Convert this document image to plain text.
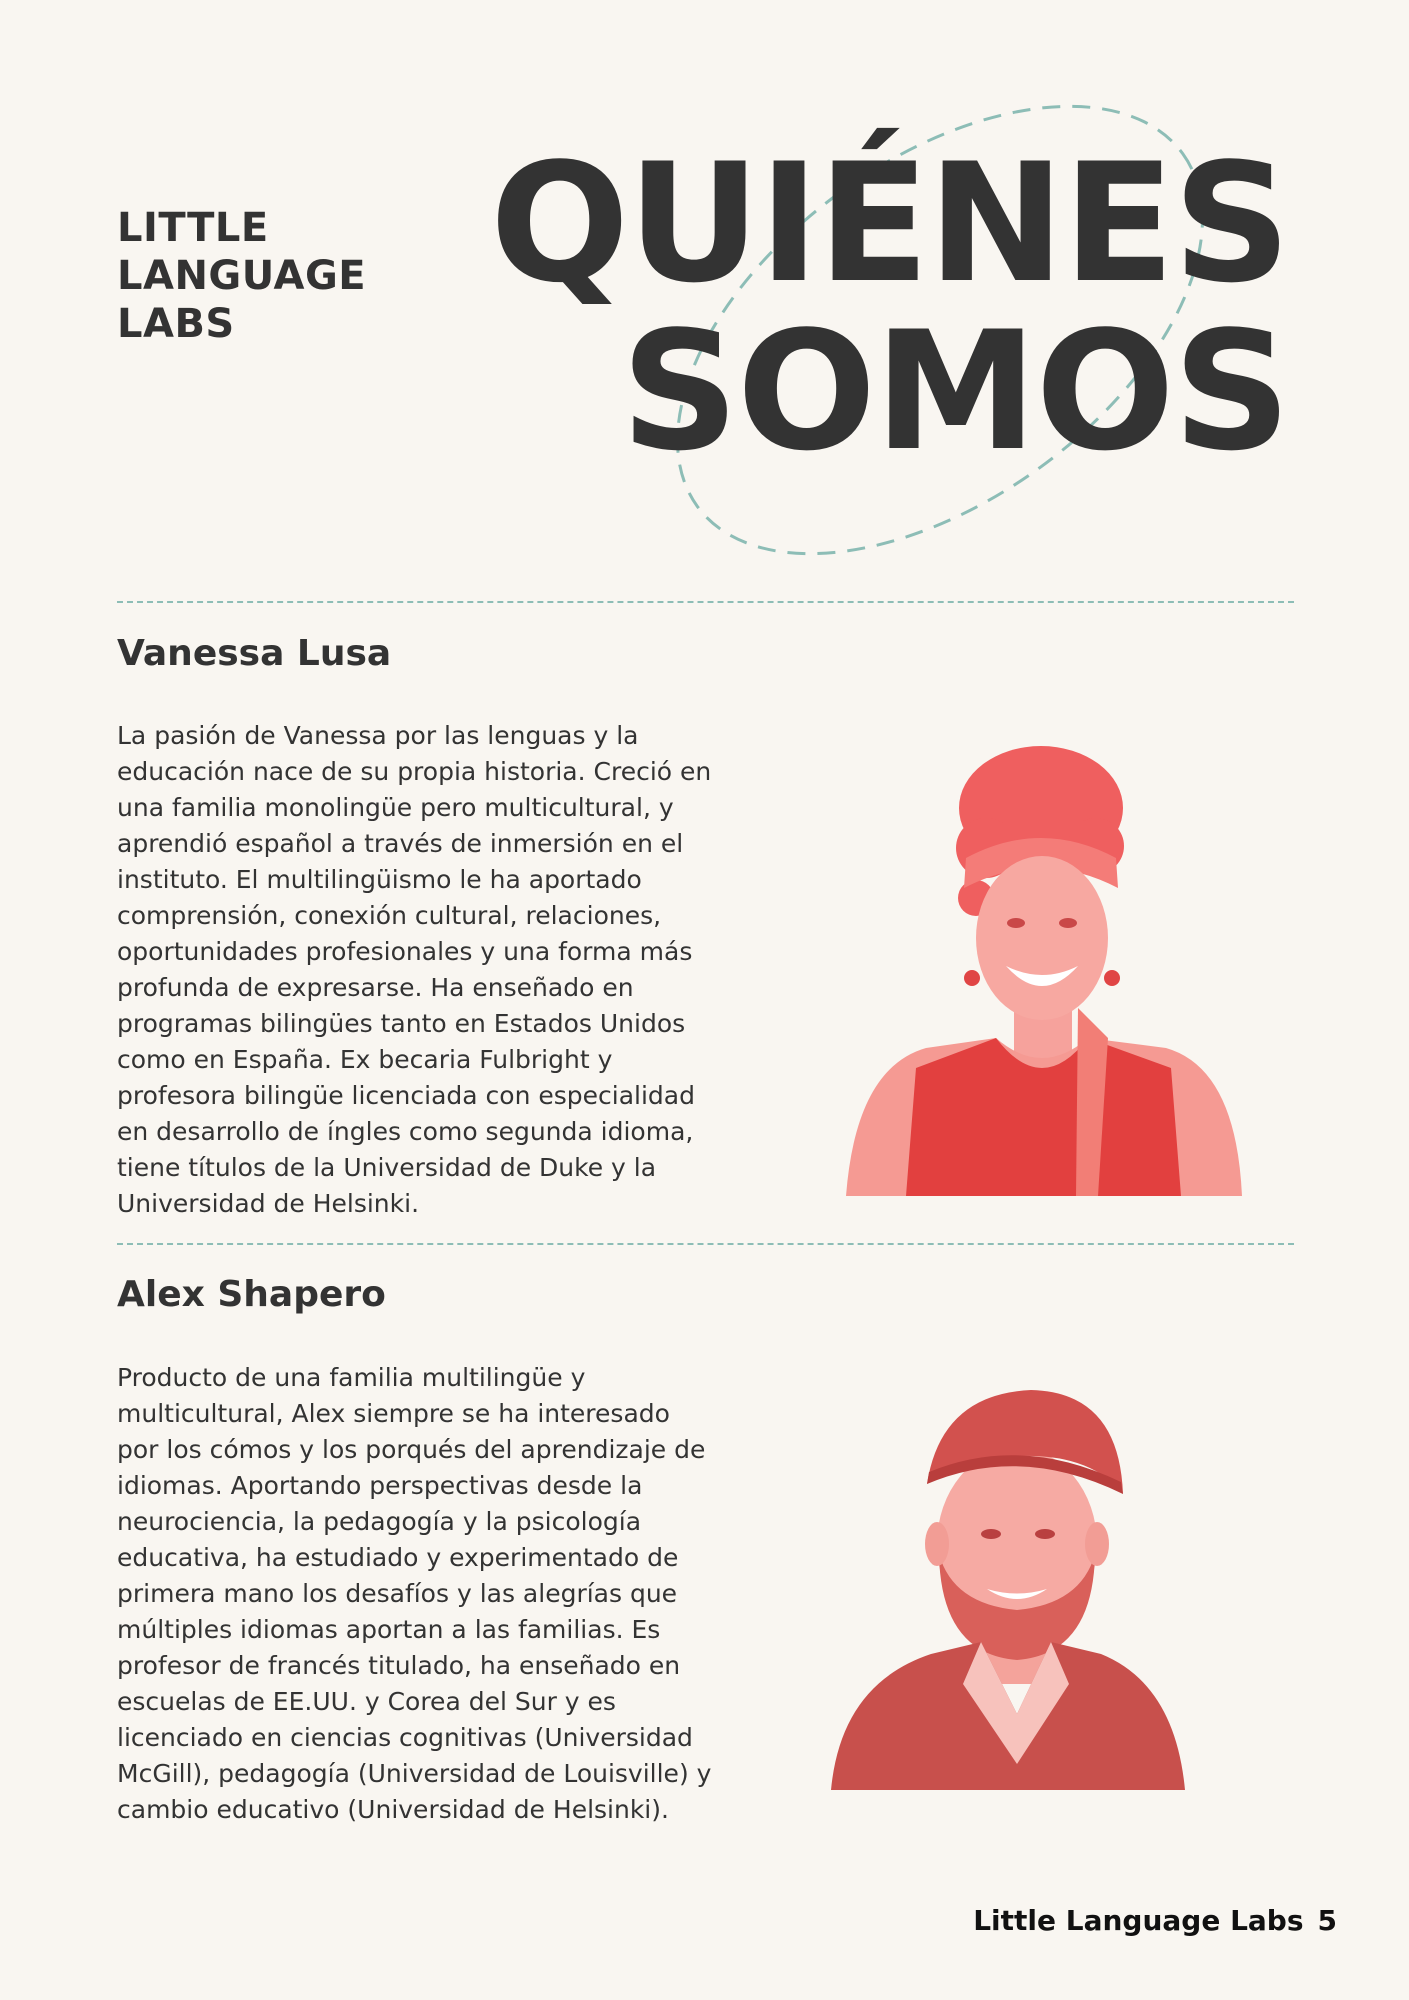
LITTLE
LANGUAGE
LABS
QUIÉNES
SOMOS
Vanessa Lusa

La pasión de Vanessa por las lenguas y la educación nace de su propia historia. Creció en una familia monolingüe pero multicultural, y aprendió español a través de inmersión en el instituto. El multilingüismo le ha aportado comprensión, conexión cultural, relaciones, oportunidades profesionales y una forma más profunda de expresarse. Ha enseñado en programas bilingües tanto en Estados Unidos como en España. Ex becaria Fulbright y profesora bilingüe licenciada con especialidad en desarrollo de íngles como segunda idioma, tiene títulos de la Universidad de Duke y la Universidad de Helsinki.

Alex Shapero

Producto de una familia multilingüe y multicultural, Alex siempre se ha interesado por los cómos y los porqués del aprendizaje de idiomas. Aportando perspectivas desde la neurociencia, la pedagogía y la psicología educativa, ha estudiado y experimentado de primera mano los desafíos y las alegrías que múltiples idiomas aportan a las familias. Es profesor de francés titulado, ha enseñado en escuelas de EE.UU. y Corea del Sur y es licenciado en ciencias cognitivas (Universidad McGill), pedagogía (Universidad de Louisville) y cambio educativo (Universidad de Helsinki).

Little Language Labs 5
